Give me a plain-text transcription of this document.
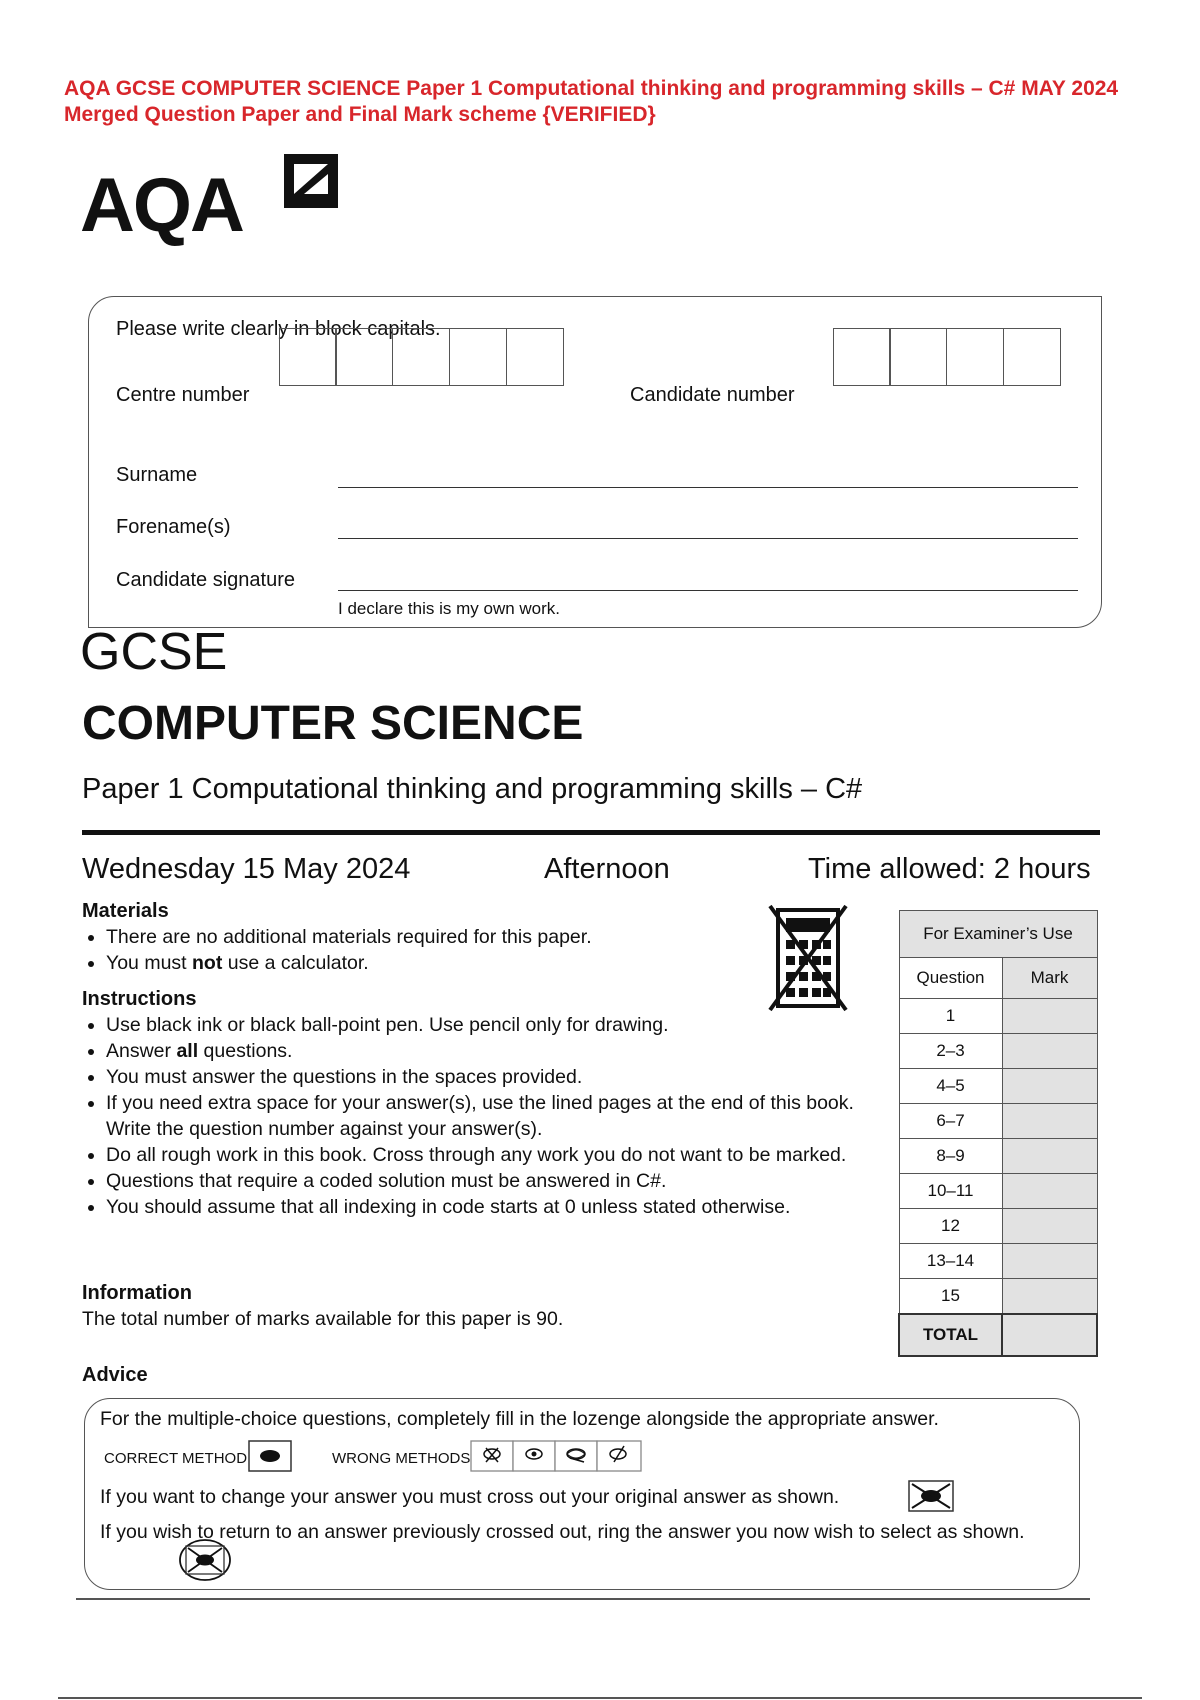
AQA GCSE COMPUTER SCIENCE Paper 1 Computational thinking and programming skills – C# MAY 2024
Merged Question Paper and Final Mark scheme {VERIFIED}
AQA
Please write clearly in block capitals.
Centre number	Candidate number
Surname
Forename(s)
Candidate signature
I declare this is my own work.
GCSE
COMPUTER SCIENCE
Paper 1 Computational thinking and programming skills – C#
Wednesday 15 May 2024	Afternoon	Time allowed: 2 hours
Materials
• There are no additional materials required for this paper.
• You must not use a calculator.
Instructions
• Use black ink or black ball-point pen. Use pencil only for drawing.
• Answer all questions.
• You must answer the questions in the spaces provided.
• If you need extra space for your answer(s), use the lined pages at the end of this book. Write the question number against your answer(s).
• Do all rough work in this book. Cross through any work you do not want to be marked.
• Questions that require a coded solution must be answered in C#.
• You should assume that all indexing in code starts at 0 unless stated otherwise.
Information
The total number of marks available for this paper is 90.
For Examiner’s Use	
Question	Mark
1	
2–3	
4–5	
6–7	
8–9	
10–11	
12	
13–14	
15	
TOTAL	
Advice
For the multiple-choice questions, completely fill in the lozenge alongside the appropriate answer.
CORRECT METHOD	WRONG METHODS
If you want to change your answer you must cross out your original answer as shown.
If you wish to return to an answer previously crossed out, ring the answer you now wish to select as shown.
